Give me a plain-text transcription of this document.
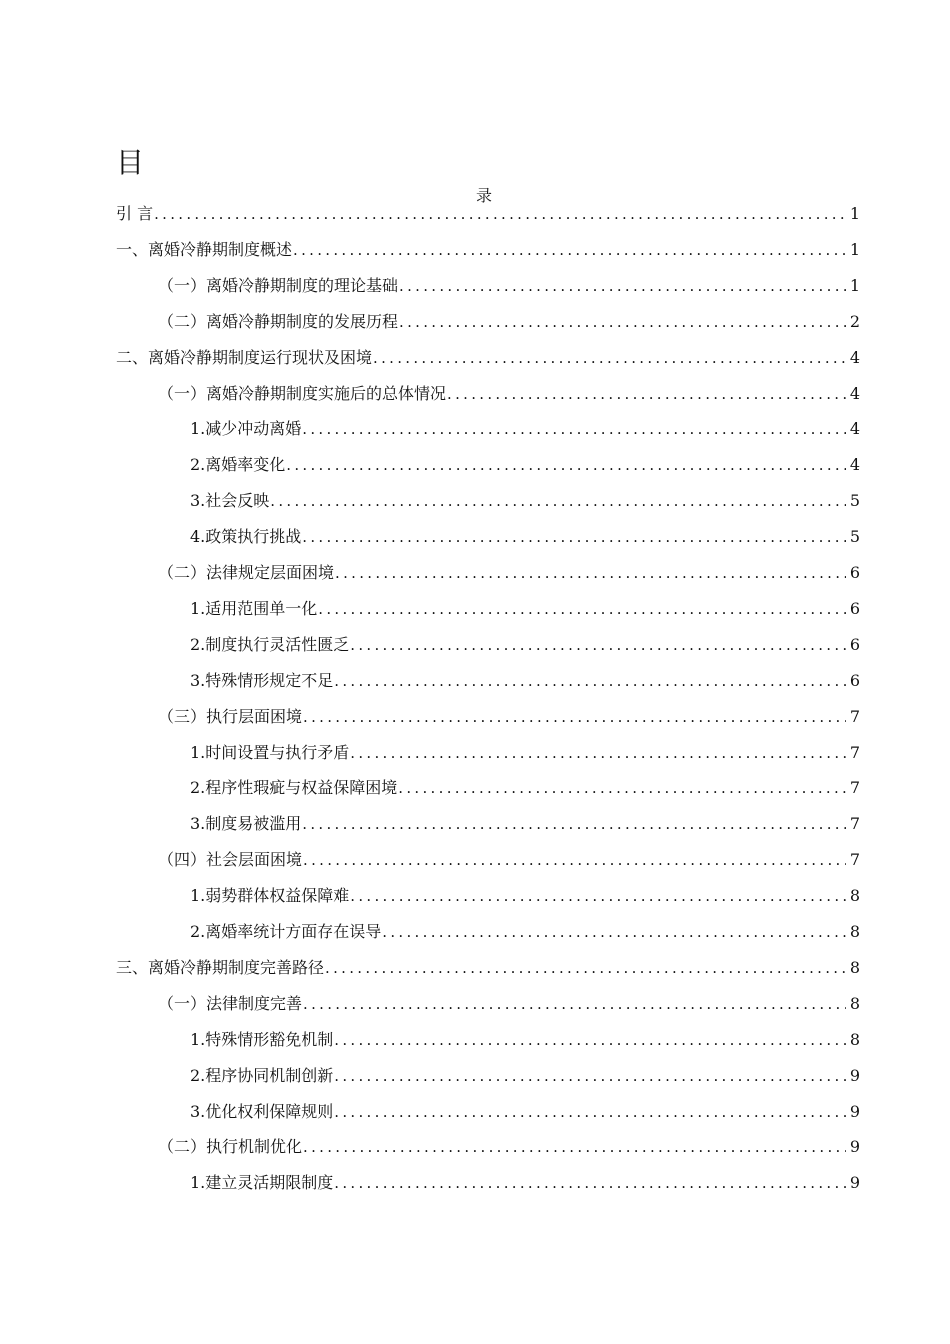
目
录
引 言 .....	1
一、离婚冷静期制度概述 .....	1
（一）离婚冷静期制度的理论基础 .....	1
（二）离婚冷静期制度的发展历程 .....	2
二、离婚冷静期制度运行现状及困境 .....	4
（一）离婚冷静期制度实施后的总体情况 .....	4
1.减少冲动离婚 .....	4
2.离婚率变化 .....	4
3.社会反映 .....	5
4.政策执行挑战 .....	5
（二）法律规定层面困境 .....	6
1.适用范围单一化 .....	6
2.制度执行灵活性匮乏 .....	6
3.特殊情形规定不足 .....	6
（三）执行层面困境 .....	7
1.时间设置与执行矛盾 .....	7
2.程序性瑕疵与权益保障困境 .....	7
3.制度易被滥用 .....	7
（四）社会层面困境 .....	7
1.弱势群体权益保障难 .....	8
2.离婚率统计方面存在误导 .....	8
三、离婚冷静期制度完善路径 .....	8
（一）法律制度完善 .....	8
1.特殊情形豁免机制 .....	8
2.程序协同机制创新 .....	9
3.优化权利保障规则 .....	9
（二）执行机制优化 .....	9
1.建立灵活期限制度 .....	9
